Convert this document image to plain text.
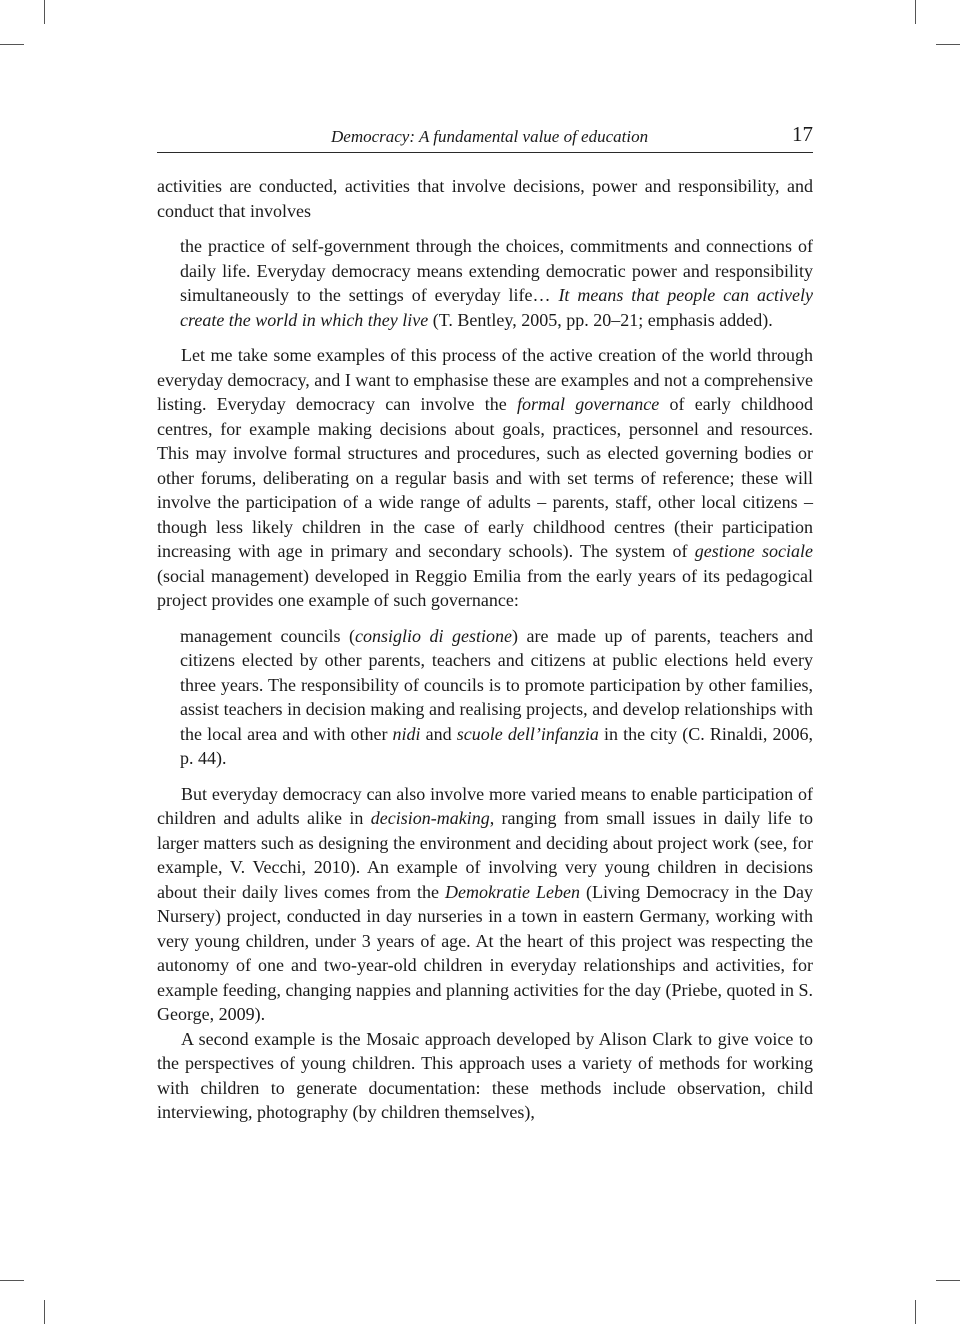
Democracy: A fundamental value of education	17

activities are conducted, activities that involve decisions, power and responsibility, and conduct that involves

the practice of self-government through the choices, commitments and connections of daily life. Everyday democracy means extending democratic power and responsibility simultaneously to the settings of everyday life… It means that people can actively create the world in which they live (T. Bentley, 2005, pp. 20–21; emphasis added).

Let me take some examples of this process of the active creation of the world through everyday democracy, and I want to emphasise these are examples and not a comprehensive listing. Everyday democracy can involve the formal governance of early childhood centres, for example making decisions about goals, practices, personnel and resources. This may involve formal structures and procedures, such as elected governing bodies or other forums, deliberating on a regular basis and with set terms of reference; these will involve the participation of a wide range of adults – parents, staff, other local citizens – though less likely children in the case of early childhood centres (their participation increasing with age in primary and secondary schools). The system of gestione sociale (social management) developed in Reggio Emilia from the early years of its pedagogical project provides one example of such governance:

management councils (consiglio di gestione) are made up of parents, teachers and citizens elected by other parents, teachers and citizens at public elections held every three years. The responsibility of councils is to promote participation by other families, assist teachers in decision making and realising projects, and develop relationships with the local area and with other nidi and scuole dell’infanzia in the city (C. Rinaldi, 2006, p. 44).

But everyday democracy can also involve more varied means to enable participation of children and adults alike in decision-making, ranging from small issues in daily life to larger matters such as designing the environment and deciding about project work (see, for example, V. Vecchi, 2010). An example of involving very young children in decisions about their daily lives comes from the Demokratie Leben (Living Democracy in the Day Nursery) project, conducted in day nurseries in a town in eastern Germany, working with very young children, under 3 years of age. At the heart of this project was respecting the autonomy of one and two-year-old children in everyday relationships and activities, for example feeding, changing nappies and planning activities for the day (Priebe, quoted in S. George, 2009).

A second example is the Mosaic approach developed by Alison Clark to give voice to the perspectives of young children. This approach uses a variety of methods for working with children to generate documentation: these methods include observation, child interviewing, photography (by children themselves),
